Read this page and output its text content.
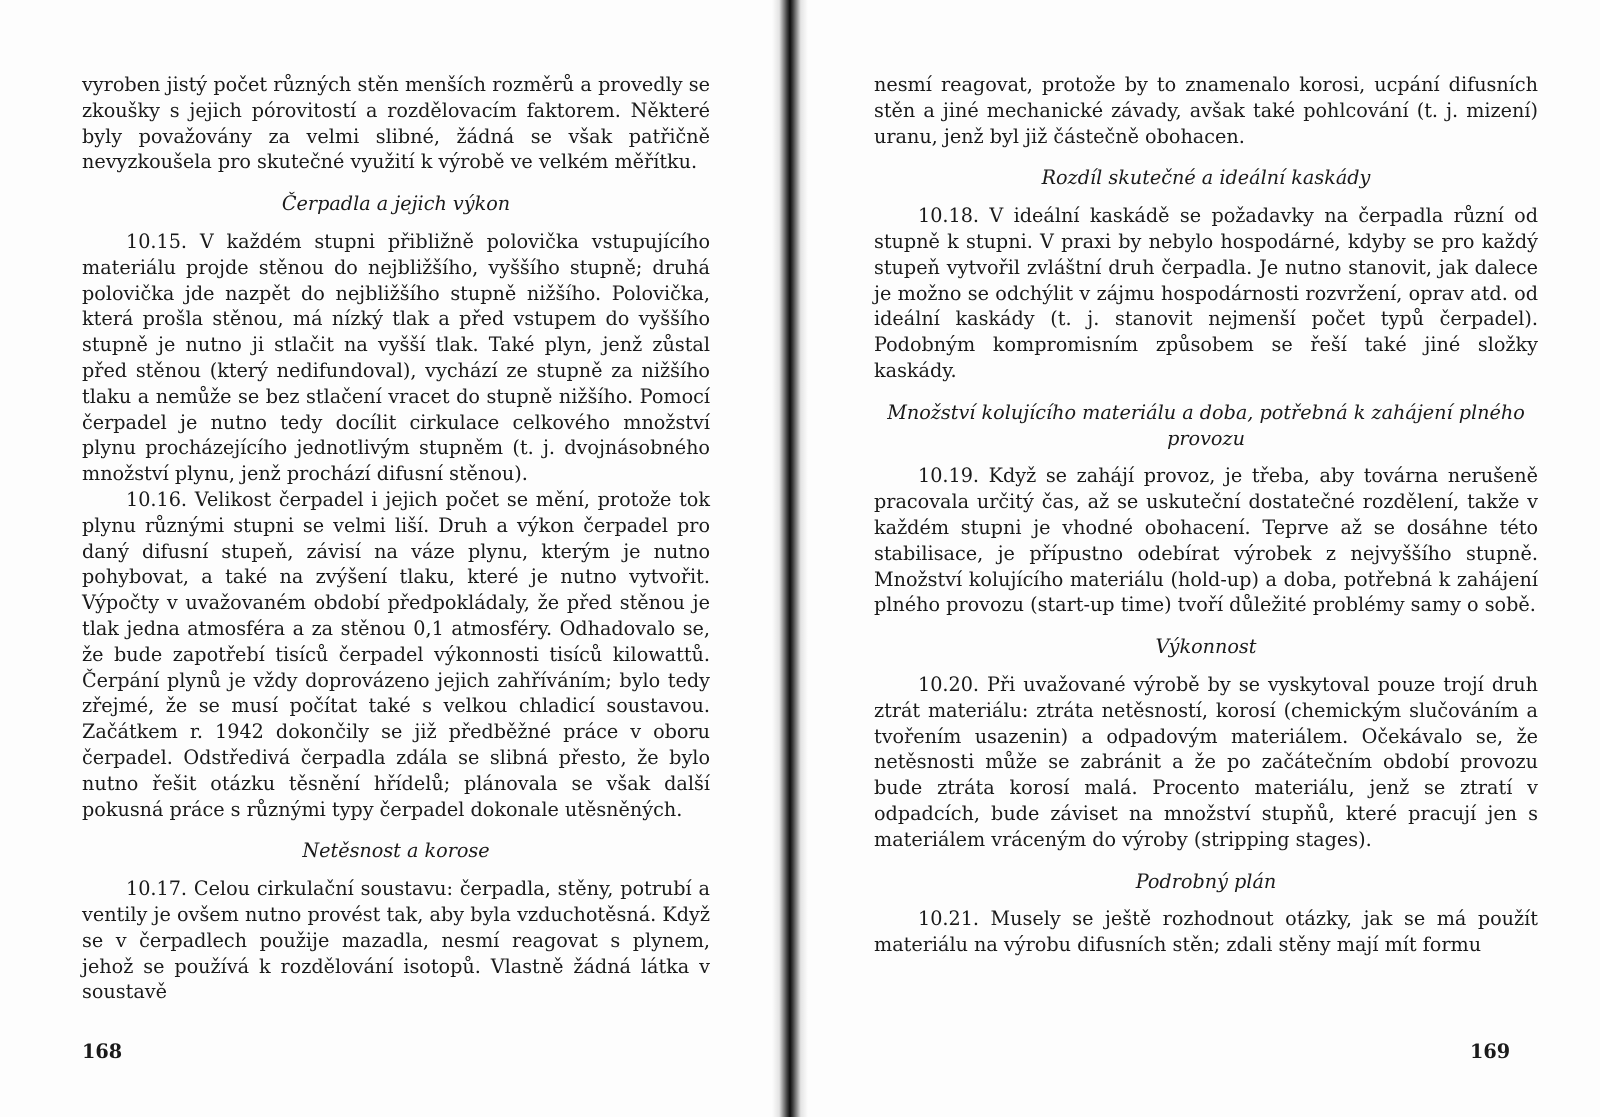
vyroben jistý počet různých stěn menších rozměrů a provedly se zkoušky s jejich pórovitostí a rozdělovacím faktorem. Některé byly považovány za velmi slibné, žádná se však patřičně nevyzkoušela pro skutečné využití k výrobě ve velkém měřítku.

Čerpadla a jejich výkon

10.15. V každém stupni přibližně polovička vstupujícího materiálu projde stěnou do nejbližšího, vyššího stupně; druhá polovička jde nazpět do nejbližšího stupně nižšího. Polovička, která prošla stěnou, má nízký tlak a před vstupem do vyššího stupně je nutno ji stlačit na vyšší tlak. Také plyn, jenž zůstal před stěnou (který nedifundoval), vychází ze stupně za nižšího tlaku a nemůže se bez stlačení vracet do stupně nižšího. Pomocí čerpadel je nutno tedy docílit cirkulace celkového množství plynu procházejícího jednotlivým stupněm (t. j. dvojnásobného množství plynu, jenž prochází difusní stěnou).

10.16. Velikost čerpadel i jejich počet se mění, protože tok plynu různými stupni se velmi liší. Druh a výkon čerpadel pro daný difusní stupeň, závisí na váze plynu, kterým je nutno pohybovat, a také na zvýšení tlaku, které je nutno vytvořit. Výpočty v uvažovaném období předpokládaly, že před stěnou je tlak jedna atmosféra a za stěnou 0,1 atmosféry. Odhadovalo se, že bude zapotřebí tisíců čerpadel výkonnosti tisíců kilowattů. Čerpání plynů je vždy doprovázeno jejich zahříváním; bylo tedy zřejmé, že se musí počítat také s velkou chladicí soustavou. Začátkem r. 1942 dokončily se již předběžné práce v oboru čerpadel. Odstředivá čerpadla zdála se slibná přesto, že bylo nutno řešit otázku těsnění hřídelů; plánovala se však další pokusná práce s různými typy čerpadel dokonale utěsněných.

Netěsnost a korose

10.17. Celou cirkulační soustavu: čerpadla, stěny, potrubí a ventily je ovšem nutno provést tak, aby byla vzduchotěsná. Když se v čerpadlech použije mazadla, nesmí reagovat s plynem, jehož se používá k rozdělování isotopů. Vlastně žádná látka v soustavě

168

nesmí reagovat, protože by to znamenalo korosi, ucpání difusních stěn a jiné mechanické závady, avšak také pohlcování (t. j. mizení) uranu, jenž byl již částečně obohacen.

Rozdíl skutečné a ideální kaskády

10.18. V ideální kaskádě se požadavky na čerpadla různí od stupně k stupni. V praxi by nebylo hospodárné, kdyby se pro každý stupeň vytvořil zvláštní druh čerpadla. Je nutno stanovit, jak dalece je možno se odchýlit v zájmu hospodárnosti rozvržení, oprav atd. od ideální kaskády (t. j. stanovit nejmenší počet typů čerpadel). Podobným kompromisním způsobem se řeší také jiné složky kaskády.

Množství kolujícího materiálu a doba, potřebná k zahájení plného provozu

10.19. Když se zahájí provoz, je třeba, aby továrna nerušeně pracovala určitý čas, až se uskuteční dostatečné rozdělení, takže v každém stupni je vhodné obohacení. Teprve až se dosáhne této stabilisace, je přípustno odebírat výrobek z nejvyššího stupně. Množství kolujícího materiálu (hold-up) a doba, potřebná k zahájení plného provozu (start-up time) tvoří důležité problémy samy o sobě.

Výkonnost

10.20. Při uvažované výrobě by se vyskytoval pouze trojí druh ztrát materiálu: ztráta netěsností, korosí (chemickým slučováním a tvořením usazenin) a odpadovým materiálem. Očekávalo se, že netěsnosti může se zabránit a že po začátečním období provozu bude ztráta korosí malá. Procento materiálu, jenž se ztratí v odpadcích, bude záviset na množství stupňů, které pracují jen s materiálem vráceným do výroby (stripping stages).

Podrobný plán

10.21. Musely se ještě rozhodnout otázky, jak se má použít materiálu na výrobu difusních stěn; zdali stěny mají mít formu

169
